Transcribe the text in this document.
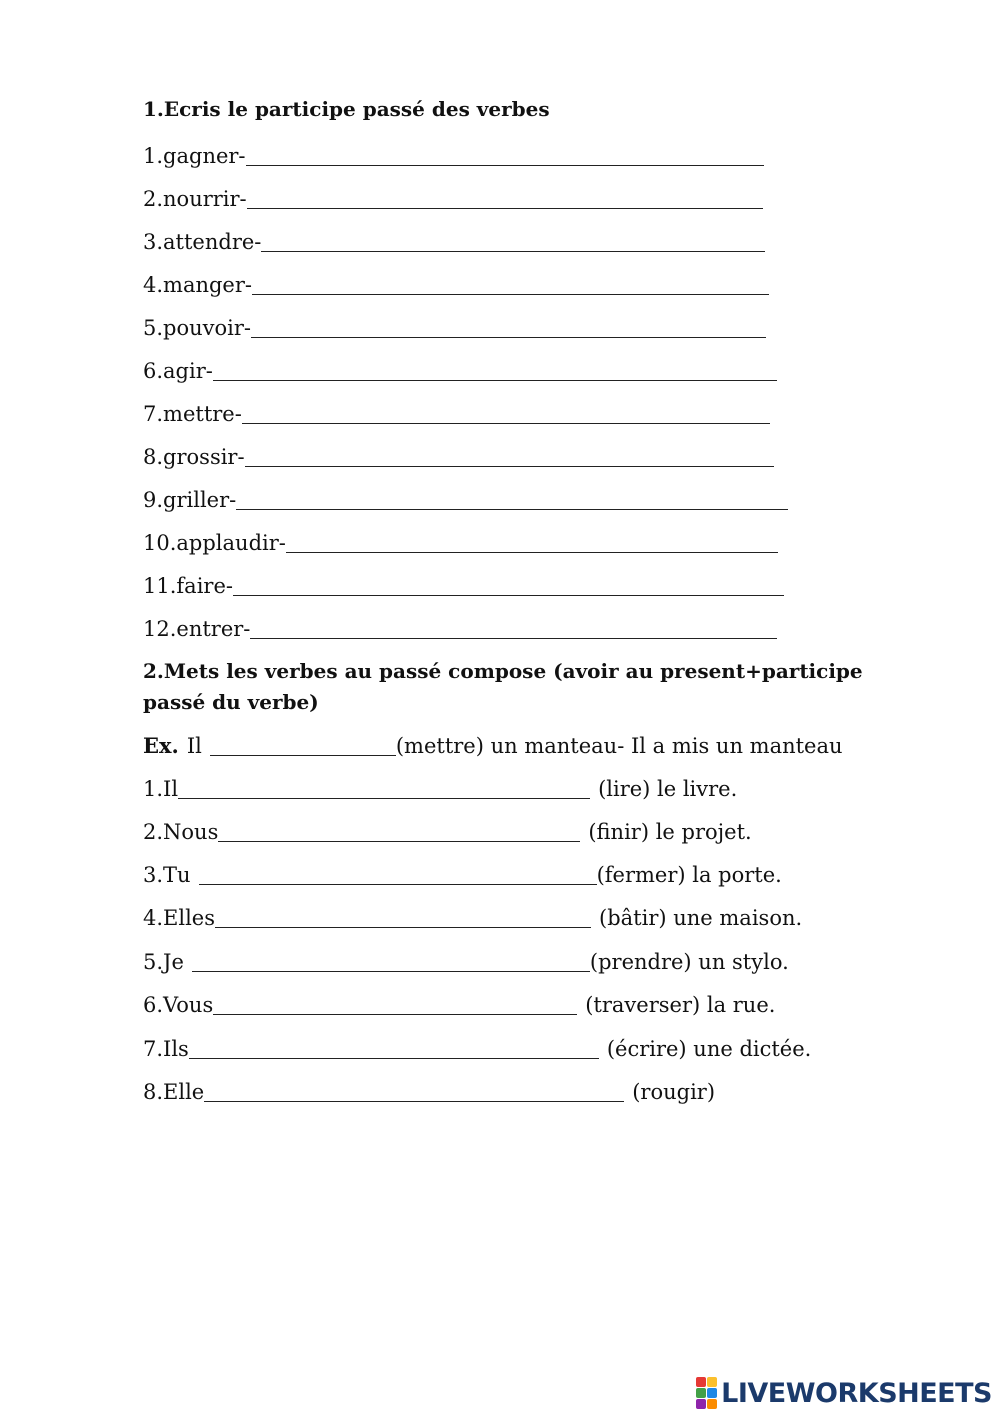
1.Ecris le participe passé des verbes
1.gagner-
2.nourrir-
3.attendre-
4.manger-
5.pouvoir-
6.agir-
7.mettre-
8.grossir-
9.griller-
10.applaudir-
11.faire-
12.entrer-
2.Mets les verbes au passé compose (avoir au present+participe
passé du verbe)
Ex. Il	(mettre) un manteau- Il a mis un manteau
1.Il	(lire) le livre.
2.Nous	(finir) le projet.
3.Tu	(fermer) la porte.
4.Elles	(bâtir) une maison.
5.Je	(prendre) un stylo.
6.Vous	(traverser) la rue.
7.Ils	(écrire) une dictée.
8.Elle	(rougir)
LIVEWORKSHEETS
